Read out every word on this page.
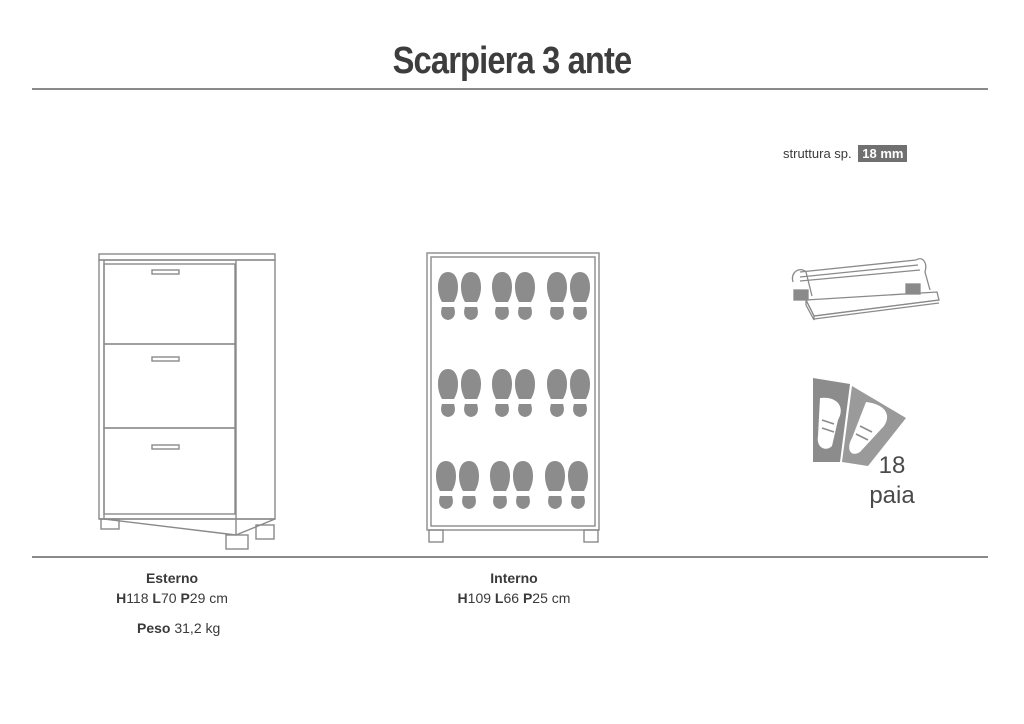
Scarpiera 3 ante
struttura sp. 18 mm
18
paia
Esterno
H118 L70 P29 cm
Peso 31,2 kg
Interno
H109 L66 P25 cm
